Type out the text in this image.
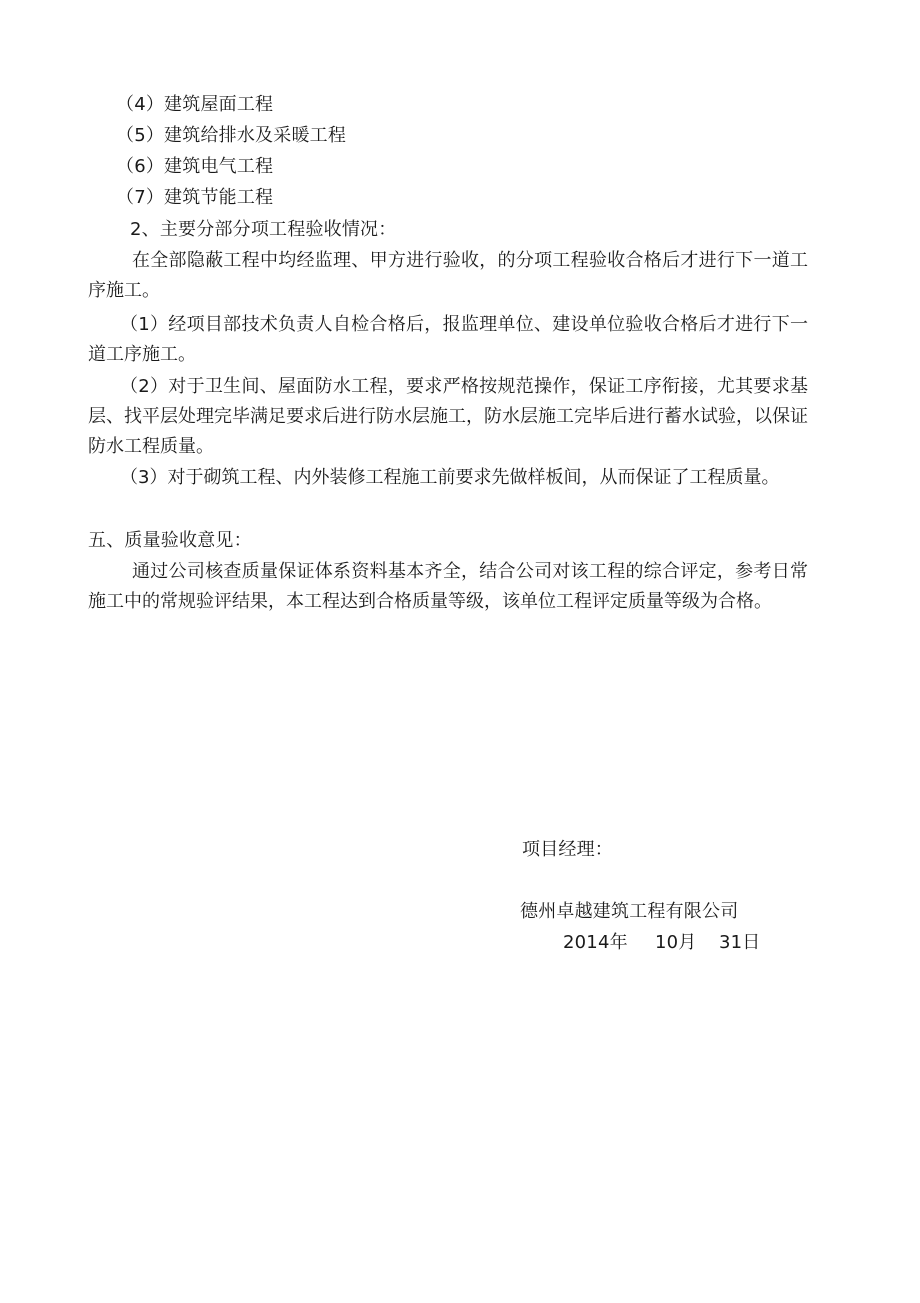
（4）建筑屋面工程
（5）建筑给排水及采暖工程
（6）建筑电气工程
（7）建筑节能工程
2、主要分部分项工程验收情况：
在全部隐蔽工程中均经监理、甲方进行验收，的分项工程验收合格后才进行下一道工序施工。
（1）经项目部技术负责人自检合格后，报监理单位、建设单位验收合格后才进行下一道工序施工。
（2）对于卫生间、屋面防水工程，要求严格按规范操作，保证工序衔接，尤其要求基层、找平层处理完毕满足要求后进行防水层施工，防水层施工完毕后进行蓄水试验，以保证防水工程质量。
（3）对于砌筑工程、内外装修工程施工前要求先做样板间，从而保证了工程质量。
五、质量验收意见：
通过公司核查质量保证体系资料基本齐全，结合公司对该工程的综合评定，参考日常施工中的常规验评结果，本工程达到合格质量等级，该单位工程评定质量等级为合格。
项目经理：
德州卓越建筑工程有限公司
2014年 10月 31日
